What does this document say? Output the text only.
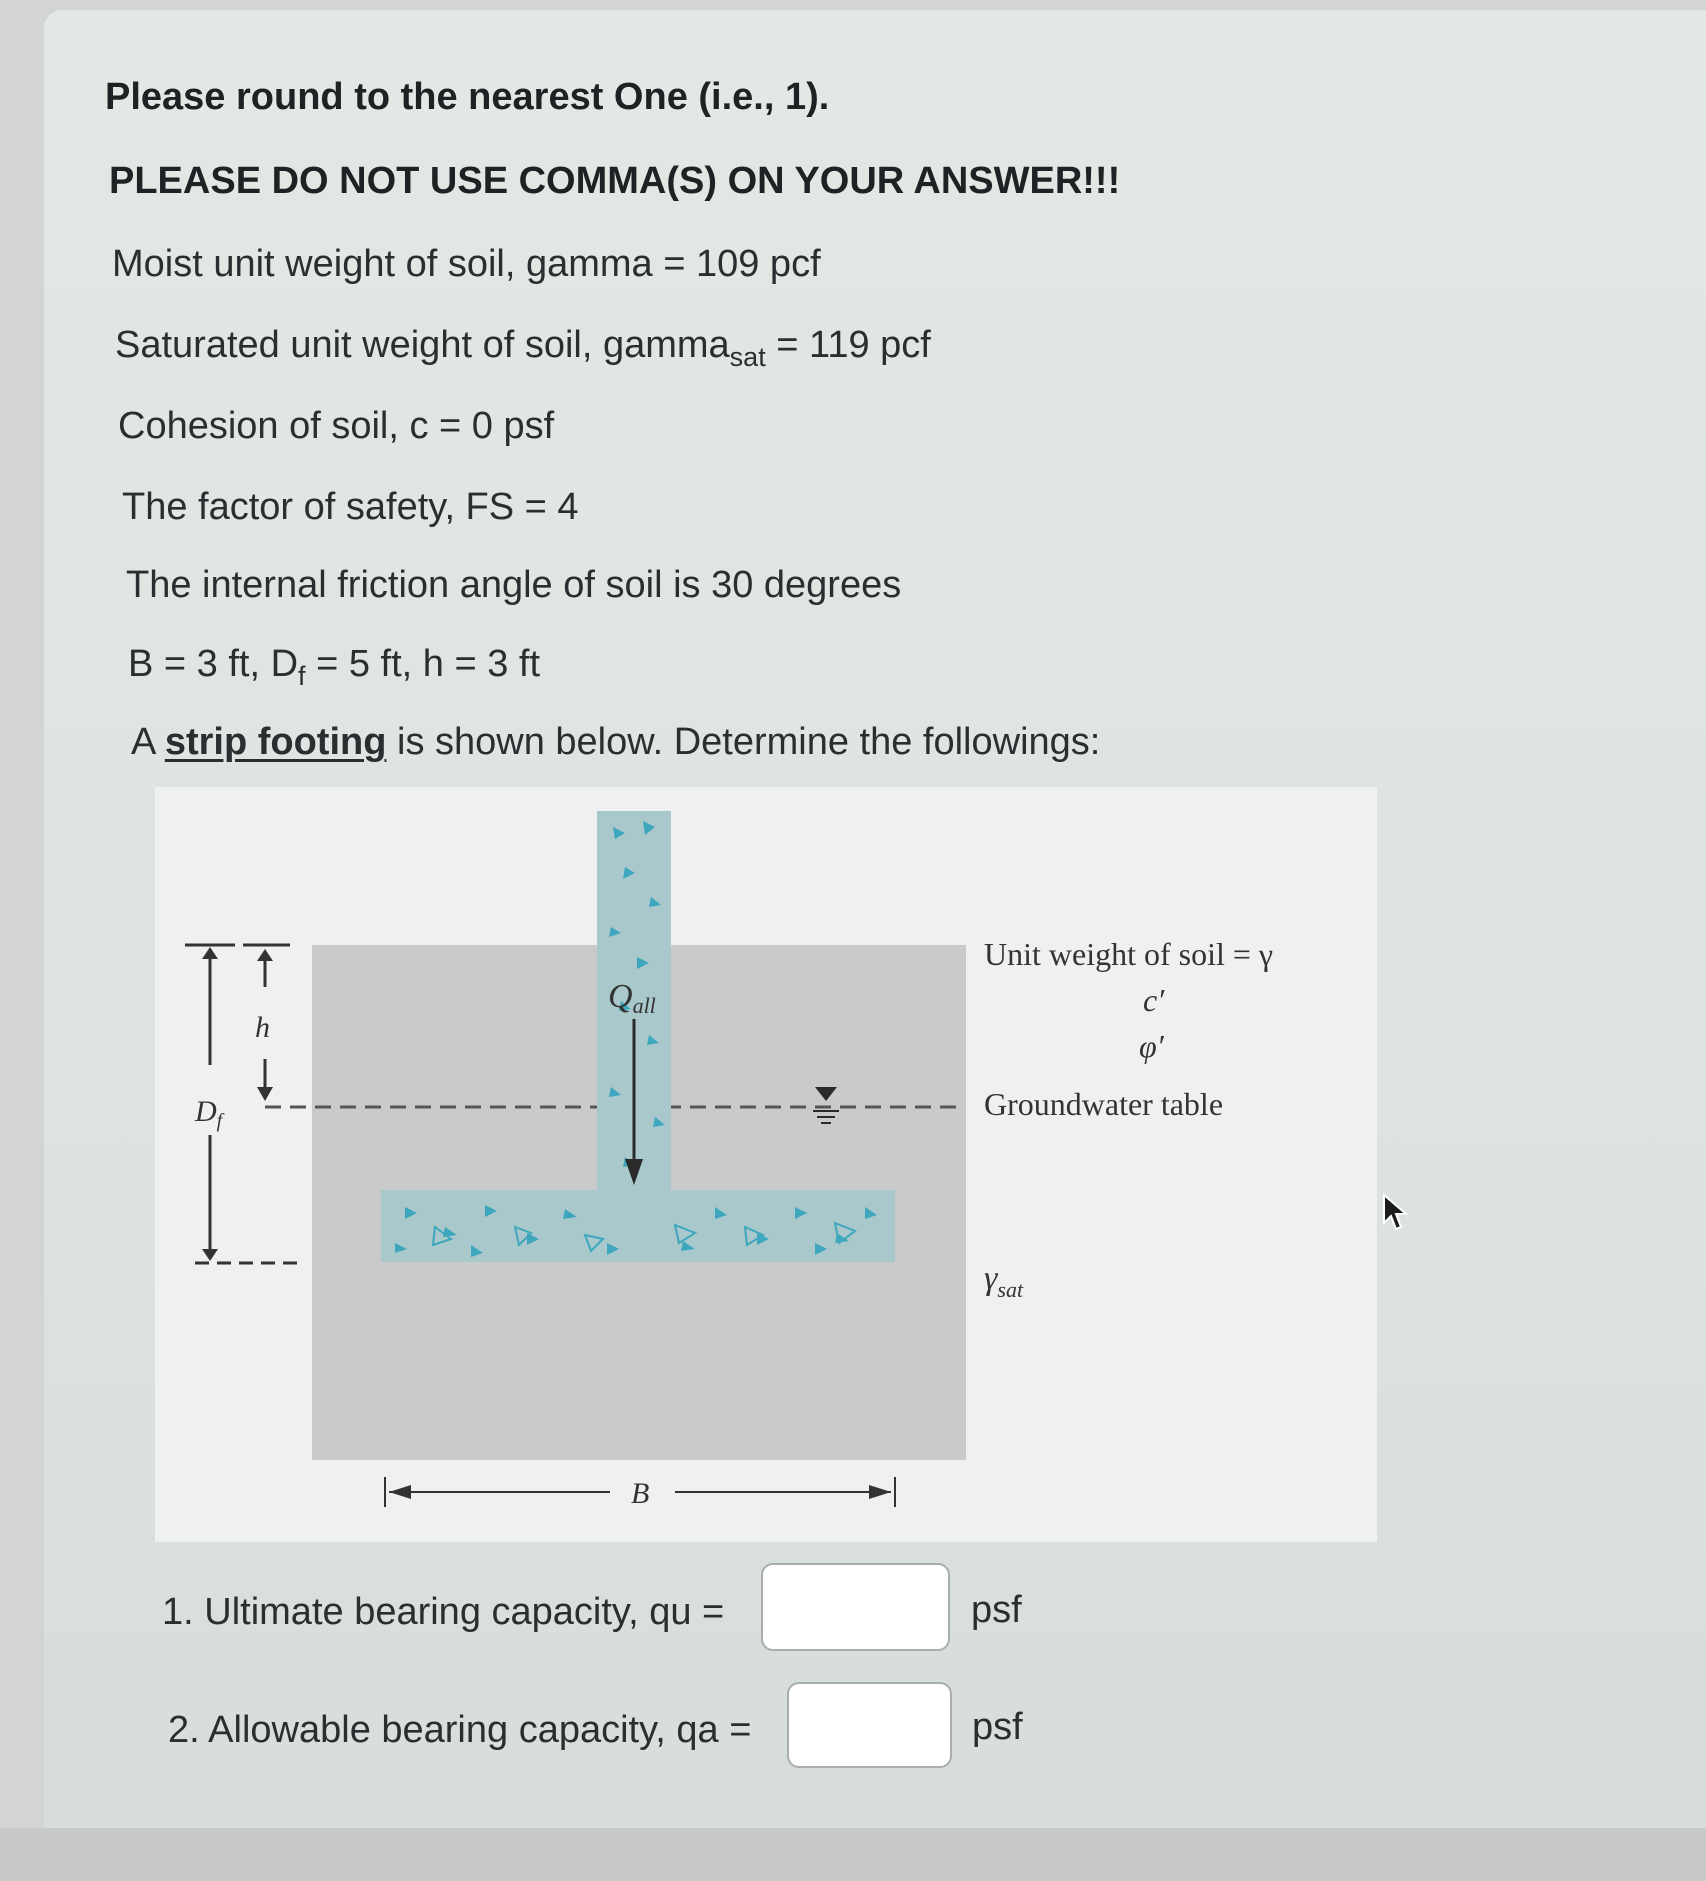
Please round to the nearest One (i.e., 1).
PLEASE DO NOT USE COMMA(S) ON YOUR ANSWER!!!
Moist unit weight of soil, gamma = 109 pcf
Saturated unit weight of soil, gamma$_{sat}$ = 119 pcf
Cohesion of soil, c = 0 psf
The factor of safety, FS = 4
The internal friction angle of soil is 30 degrees
B = 3 ft, $D_f = 5$ ft, h = 3 ft
A strip footing is shown below. Determine the followings:
Qall
h
$D_f$
B
Unit weight of soil = γ
c′
φ′
Groundwater table
$\gamma_{sat}$
1. Ultimate bearing capacity, qu =	psf
2. Allowable bearing capacity, qa =	psf
